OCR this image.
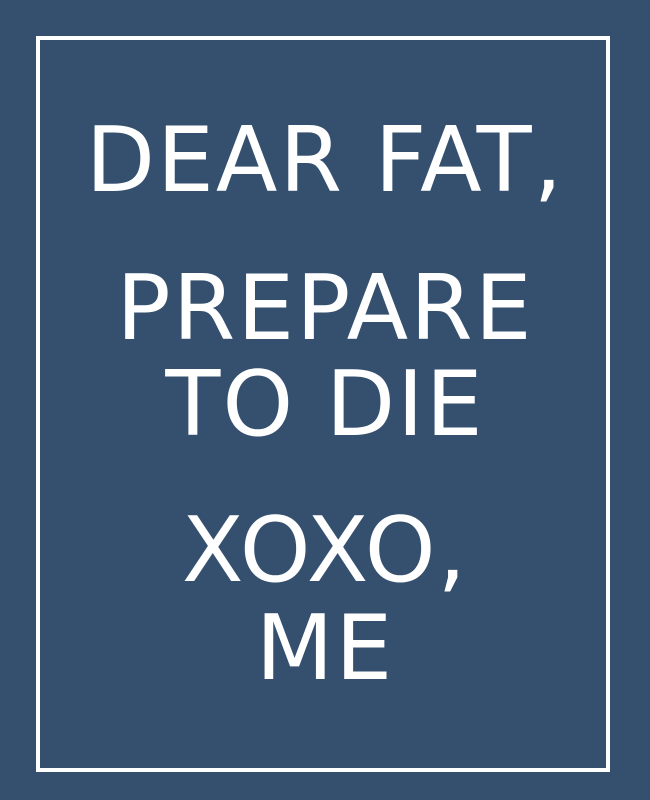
DEAR FAT,
PREPARE
TO DIE
XOXO,
ME
